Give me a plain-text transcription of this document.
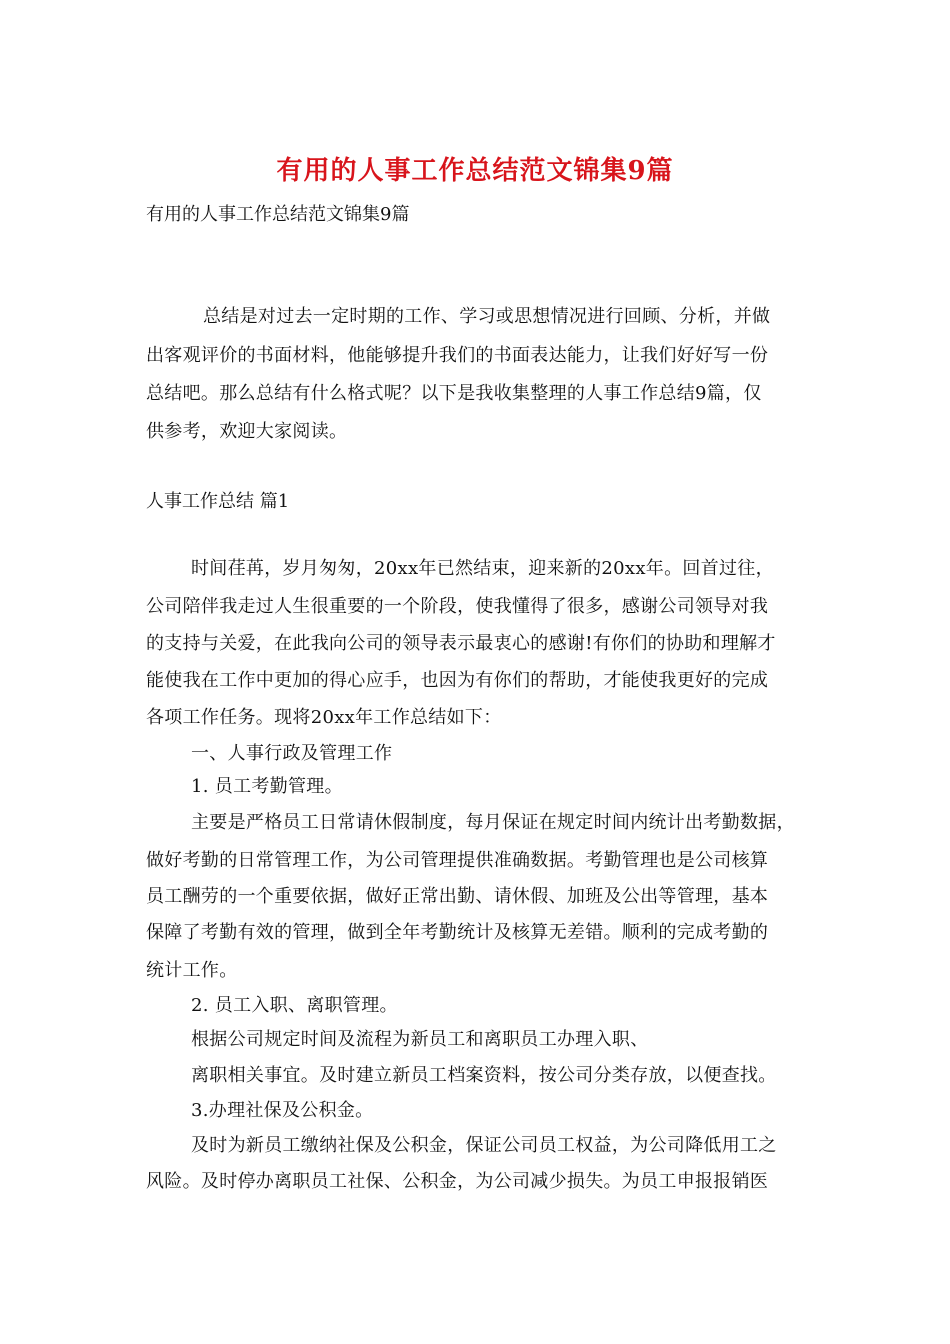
有用的人事工作总结范文锦集9篇
有用的人事工作总结范文锦集9篇
总结是对过去一定时期的工作、学习或思想情况进行回顾、分析，并做
出客观评价的书面材料，他能够提升我们的书面表达能力，让我们好好写一份
总结吧。那么总结有什么格式呢？以下是我收集整理的人事工作总结9篇，仅
供参考，欢迎大家阅读。
人事工作总结 篇1
时间荏苒，岁月匆匆，20xx年已然结束，迎来新的20xx年。回首过往，
公司陪伴我走过人生很重要的一个阶段，使我懂得了很多，感谢公司领导对我
的支持与关爱，在此我向公司的领导表示最衷心的感谢!有你们的协助和理解才
能使我在工作中更加的得心应手，也因为有你们的帮助，才能使我更好的完成
各项工作任务。现将20xx年工作总结如下：
一、人事行政及管理工作
1. 员工考勤管理。
主要是严格员工日常请休假制度，每月保证在规定时间内统计出考勤数据，
做好考勤的日常管理工作，为公司管理提供准确数据。考勤管理也是公司核算
员工酬劳的一个重要依据，做好正常出勤、请休假、加班及公出等管理，基本
保障了考勤有效的管理，做到全年考勤统计及核算无差错。顺利的完成考勤的
统计工作。
2. 员工入职、离职管理。
根据公司规定时间及流程为新员工和离职员工办理入职、
离职相关事宜。及时建立新员工档案资料，按公司分类存放，以便查找。
3.办理社保及公积金。
及时为新员工缴纳社保及公积金，保证公司员工权益，为公司降低用工之
风险。及时停办离职员工社保、公积金，为公司减少损失。为员工申报报销医
